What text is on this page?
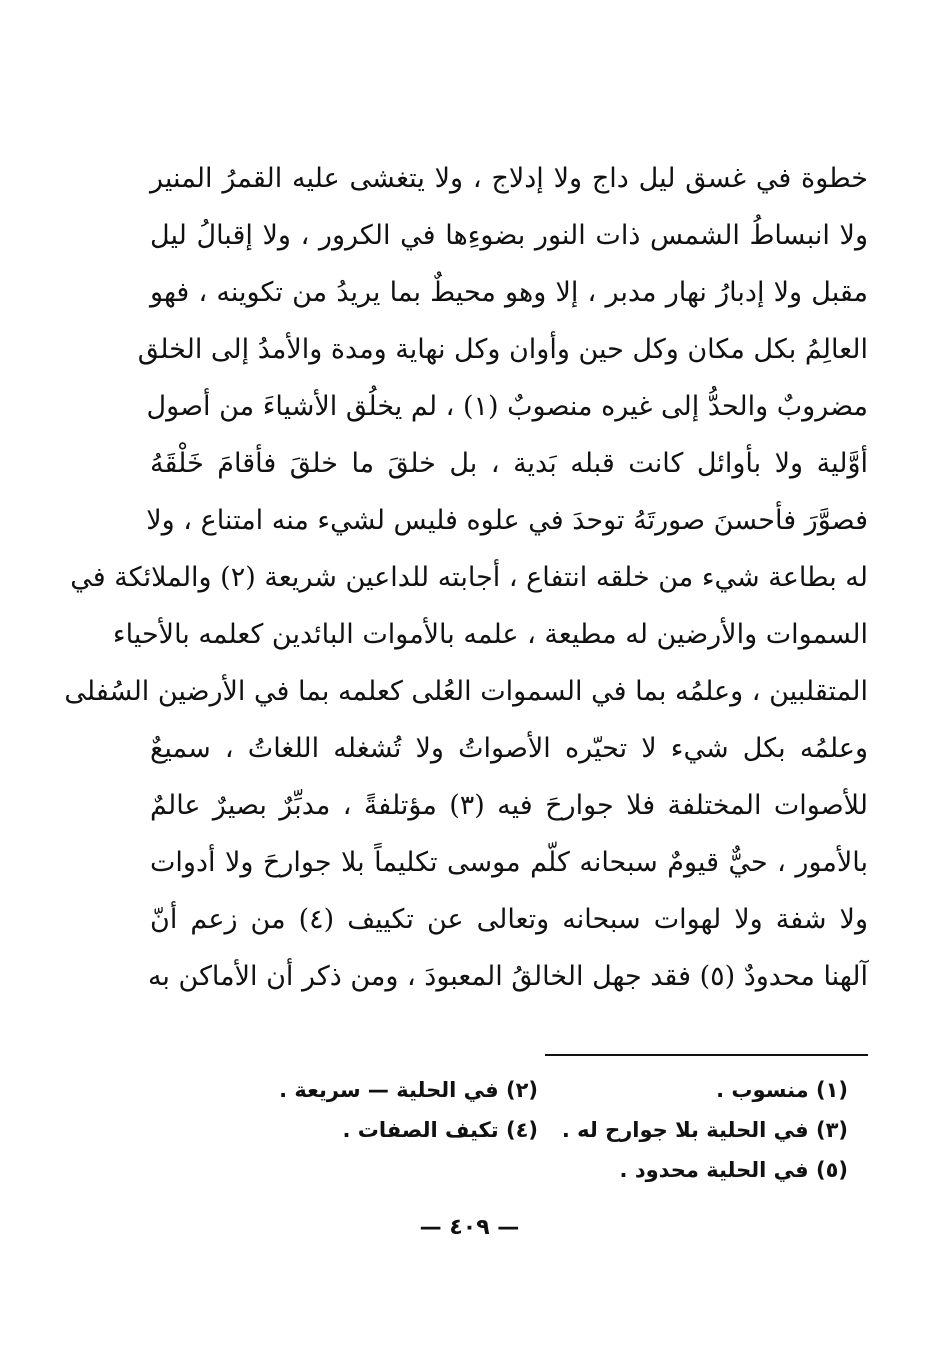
خطوة في غسق ليل داج ولا إدلاج ، ولا يتغشى عليه القمرُ المنير
ولا انبساطُ الشمس ذات النور بضوءِها في الكرور ، ولا إقبالُ ليل
مقبل ولا إدبارُ نهار مدبر ، إلا وهو محيطٌ بما يريدُ من تكوينه ، فهو
العالِمُ بكل مكان وكل حين وأوان وكل نهاية ومدة والأمدُ إلى الخلق
مضروبٌ والحدُّ إلى غيره منصوبٌ (١) ، لم يخلُق الأشياءَ من أصول
أوَّلية ولا بأوائل كانت قبله بَدية ، بل خلقَ ما خلقَ فأقامَ خَلْقَهُ
فصوَّرَ فأحسنَ صورتَهُ توحدَ في علوه فليس لشيء منه امتناع ، ولا
له بطاعة شيء من خلقه انتفاع ، أجابته للداعين شريعة (٢) والملائكة في
السموات والأرضين له مطيعة ، علمه بالأموات البائدين كعلمه بالأحياء
المتقلبين ، وعلمُه بما في السموات العُلى كعلمه بما في الأرضين السُفلى
وعلمُه بكل شيء لا تحيّره الأصواتُ ولا تُشغله اللغاتُ ، سميعٌ
للأصوات المختلفة فلا جوارحَ فيه (٣) مؤتلفةً ، مدبِّرٌ بصيرٌ عالمٌ
بالأمور ، حيٌّ قيومٌ سبحانه كلّم موسى تكليماً بلا جوارحَ ولا أدوات
ولا شفة ولا لهوات سبحانه وتعالى عن تكييف (٤) من زعم أنّ
آلهنا محدودٌ (٥) فقد جهل الخالقُ المعبودَ ، ومن ذكر أن الأماكن به
(١) منسوب .
(٢) في الحلية — سريعة .
(٣) في الحلية بلا جوارح له .
(٤) تكيف الصفات .
(٥) في الحلية محدود .
— ٤٠٩ —
